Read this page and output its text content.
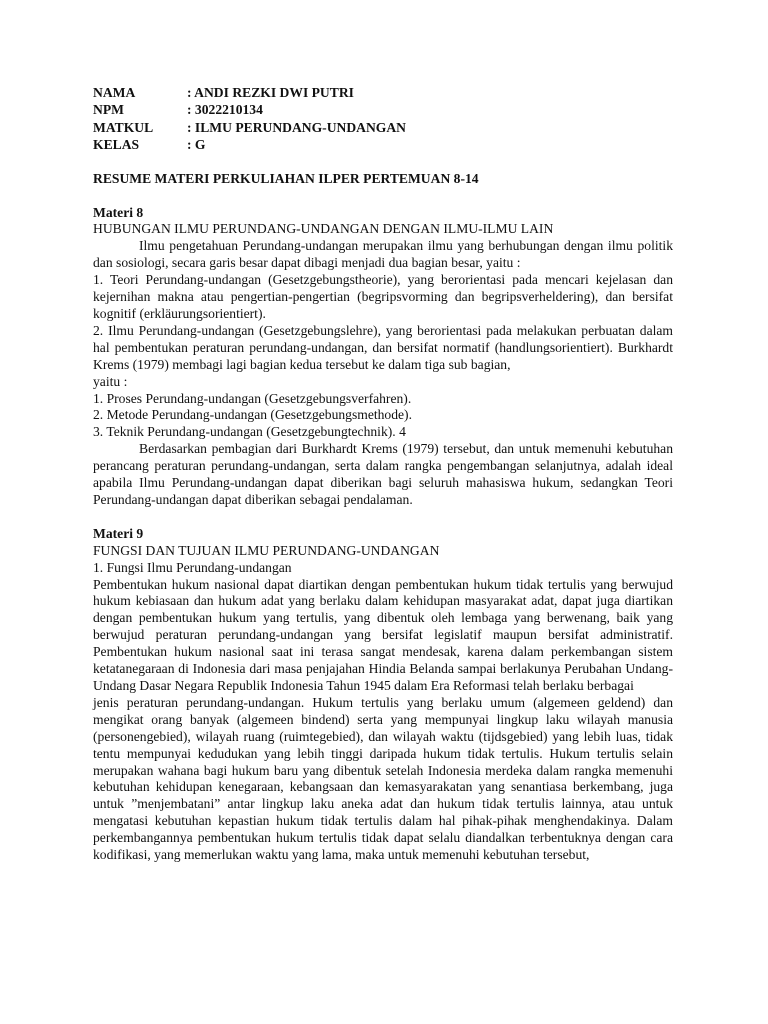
NAMA	: ANDI REZKI DWI PUTRI
NPM	: 3022210134
MATKUL	: ILMU PERUNDANG-UNDANGAN
KELAS	: G

RESUME MATERI PERKULIAHAN ILPER PERTEMUAN 8-14

Materi 8

HUBUNGAN ILMU PERUNDANG-UNDANGAN DENGAN ILMU-ILMU LAIN

Ilmu pengetahuan Perundang-undangan merupakan ilmu yang berhubungan dengan ilmu politik dan sosiologi, secara garis besar dapat dibagi menjadi dua bagian besar, yaitu :

1. Teori Perundang-undangan (Gesetzgebungstheorie), yang berorientasi pada mencari kejelasan dan kejernihan makna atau pengertian-pengertian (begripsvorming dan begripsverheldering), dan bersifat kognitif (erkläurungsorientiert).

2. Ilmu Perundang-undangan (Gesetzgebungslehre), yang berorientasi pada melakukan perbuatan dalam hal pembentukan peraturan perundang-undangan, dan bersifat normatif (handlungsorientiert). Burkhardt Krems (1979) membagi lagi bagian kedua tersebut ke dalam tiga sub bagian,

yaitu :

1. Proses Perundang-undangan (Gesetzgebungsverfahren).

2. Metode Perundang-undangan (Gesetzgebungsmethode).

3. Teknik Perundang-undangan (Gesetzgebungtechnik). 4

Berdasarkan pembagian dari Burkhardt Krems (1979) tersebut, dan untuk memenuhi kebutuhan perancang peraturan perundang-undangan, serta dalam rangka pengembangan selanjutnya, adalah ideal apabila Ilmu Perundang-undangan dapat diberikan bagi seluruh mahasiswa hukum, sedangkan Teori Perundang-undangan dapat diberikan sebagai pendalaman.

Materi 9

FUNGSI DAN TUJUAN ILMU PERUNDANG-UNDANGAN

1. Fungsi Ilmu Perundang-undangan

Pembentukan hukum nasional dapat diartikan dengan pembentukan hukum tidak tertulis yang berwujud hukum kebiasaan dan hukum adat yang berlaku dalam kehidupan masyarakat adat, dapat juga diartikan dengan pembentukan hukum yang tertulis, yang dibentuk oleh lembaga yang berwenang, baik yang berwujud peraturan perundang-undangan yang bersifat legislatif maupun bersifat administratif. Pembentukan hukum nasional saat ini terasa sangat mendesak, karena dalam perkembangan sistem ketatanegaraan di Indonesia dari masa penjajahan Hindia Belanda sampai berlakunya Perubahan Undang-Undang Dasar Negara Republik Indonesia Tahun 1945 dalam Era Reformasi telah berlaku berbagai

jenis peraturan perundang-undangan. Hukum tertulis yang berlaku umum (algemeen geldend) dan mengikat orang banyak (algemeen bindend) serta yang mempunyai lingkup laku wilayah manusia (personengebied), wilayah ruang (ruimtegebied), dan wilayah waktu (tijdsgebied) yang lebih luas, tidak tentu mempunyai kedudukan yang lebih tinggi daripada hukum tidak tertulis. Hukum tertulis selain merupakan wahana bagi hukum baru yang dibentuk setelah Indonesia merdeka dalam rangka memenuhi kebutuhan kehidupan kenegaraan, kebangsaan dan kemasyarakatan yang senantiasa berkembang, juga untuk ”menjembatani” antar lingkup laku aneka adat dan hukum tidak tertulis lainnya, atau untuk mengatasi kebutuhan kepastian hukum tidak tertulis dalam hal pihak-pihak menghendakinya. Dalam perkembangannya pembentukan hukum tertulis tidak dapat selalu diandalkan terbentuknya dengan cara kodifikasi, yang memerlukan waktu yang lama, maka untuk memenuhi kebutuhan tersebut,
